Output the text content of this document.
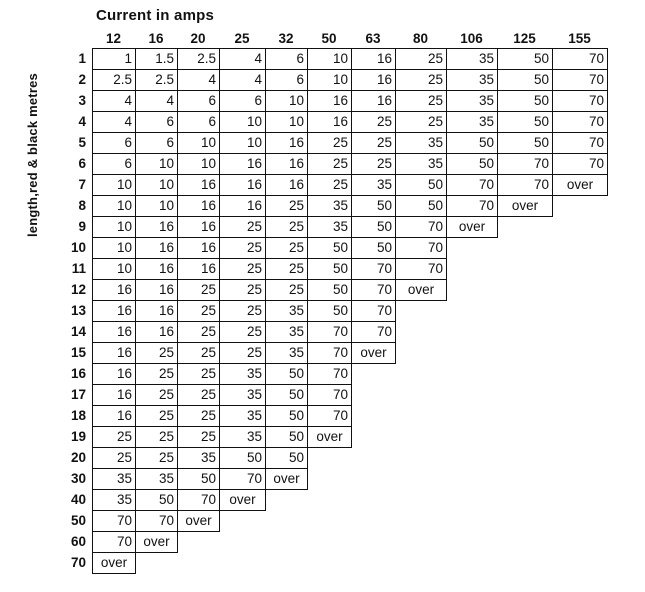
Current in amps
length,red & black metres
12	16	20	25	32	50	63	80	106	125	155
1	1	1.5	2.5	4	6	10	16	25	35	50	70
2	2.5	2.5	4	4	6	10	16	25	35	50	70
3	4	4	6	6	10	16	16	25	35	50	70
4	4	6	6	10	10	16	25	25	35	50	70
5	6	6	10	10	16	25	25	35	50	50	70
6	6	10	10	16	16	25	25	35	50	70	70
7	10	10	16	16	16	25	35	50	70	70	over
8	10	10	16	16	25	35	50	50	70	over
9	10	16	16	25	25	35	50	70	over
10	10	16	16	25	25	50	50	70
11	10	16	16	25	25	50	70	70
12	16	16	25	25	25	50	70	over
13	16	16	25	25	35	50	70
14	16	16	25	25	35	70	70
15	16	25	25	25	35	70 over
16	16	25	25	35	50	70
17	16	25	25	35	50	70
18	16	25	25	35	50	70
19	25	25	25	35	50 over
20	25	25	35	50	50
30	35	35	50	70 over
40	35	50	70 over
50	70	70 over
60	70 over
70	over
